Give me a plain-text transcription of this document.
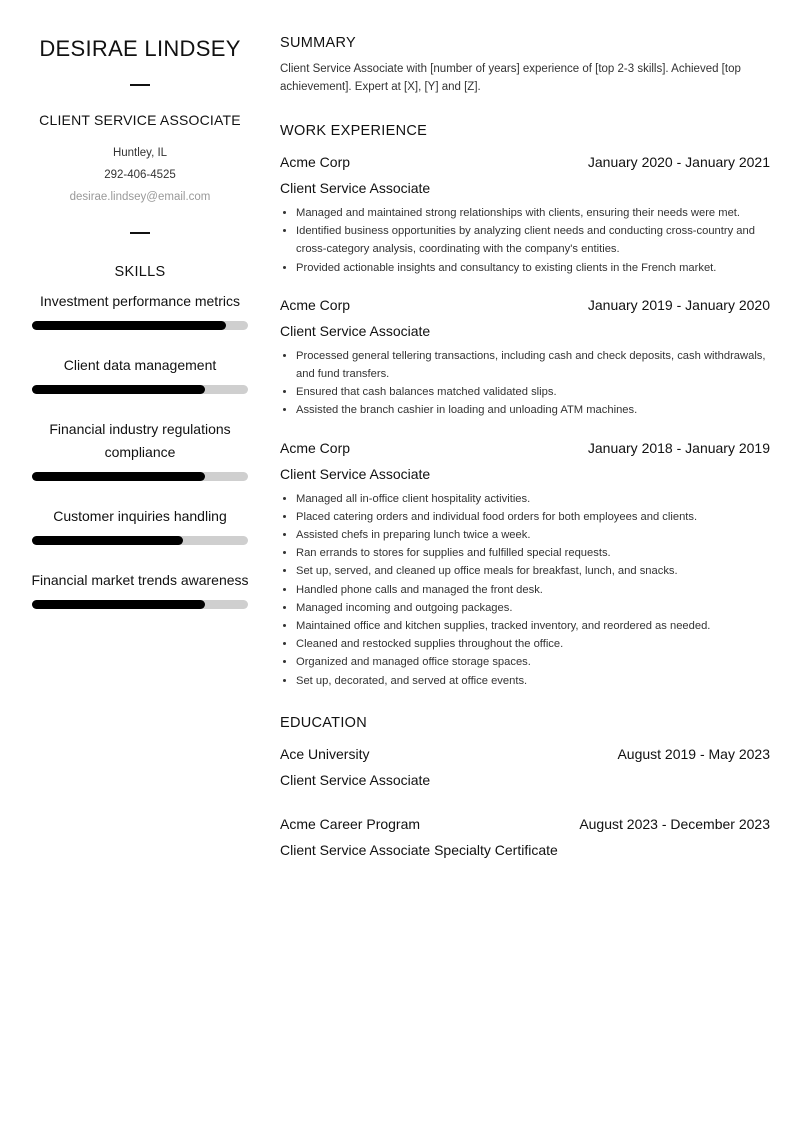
DESIRAE LINDSEY
CLIENT SERVICE ASSOCIATE
Huntley, IL
292-406-4525
desirae.lindsey@email.com
SKILLS
Investment performance metrics
Client data management
Financial industry regulations compliance
Customer inquiries handling
Financial market trends awareness
SUMMARY
Client Service Associate with [number of years] experience of [top 2-3 skills]. Achieved [top achievement]. Expert at [X], [Y] and [Z].
WORK EXPERIENCE
Acme Corp	January 2020 - January 2021
Client Service Associate
• Managed and maintained strong relationships with clients, ensuring their needs were met.
• Identified business opportunities by analyzing client needs and conducting cross-country and cross-category analysis, coordinating with the company's entities.
• Provided actionable insights and consultancy to existing clients in the French market.
Acme Corp	January 2019 - January 2020
Client Service Associate
• Processed general tellering transactions, including cash and check deposits, cash withdrawals, and fund transfers.
• Ensured that cash balances matched validated slips.
• Assisted the branch cashier in loading and unloading ATM machines.
Acme Corp	January 2018 - January 2019
Client Service Associate
• Managed all in-office client hospitality activities.
• Placed catering orders and individual food orders for both employees and clients.
• Assisted chefs in preparing lunch twice a week.
• Ran errands to stores for supplies and fulfilled special requests.
• Set up, served, and cleaned up office meals for breakfast, lunch, and snacks.
• Handled phone calls and managed the front desk.
• Managed incoming and outgoing packages.
• Maintained office and kitchen supplies, tracked inventory, and reordered as needed.
• Cleaned and restocked supplies throughout the office.
• Organized and managed office storage spaces.
• Set up, decorated, and served at office events.
EDUCATION
Ace University	August 2019 - May 2023
Client Service Associate
Acme Career Program	August 2023 - December 2023
Client Service Associate Specialty Certificate
